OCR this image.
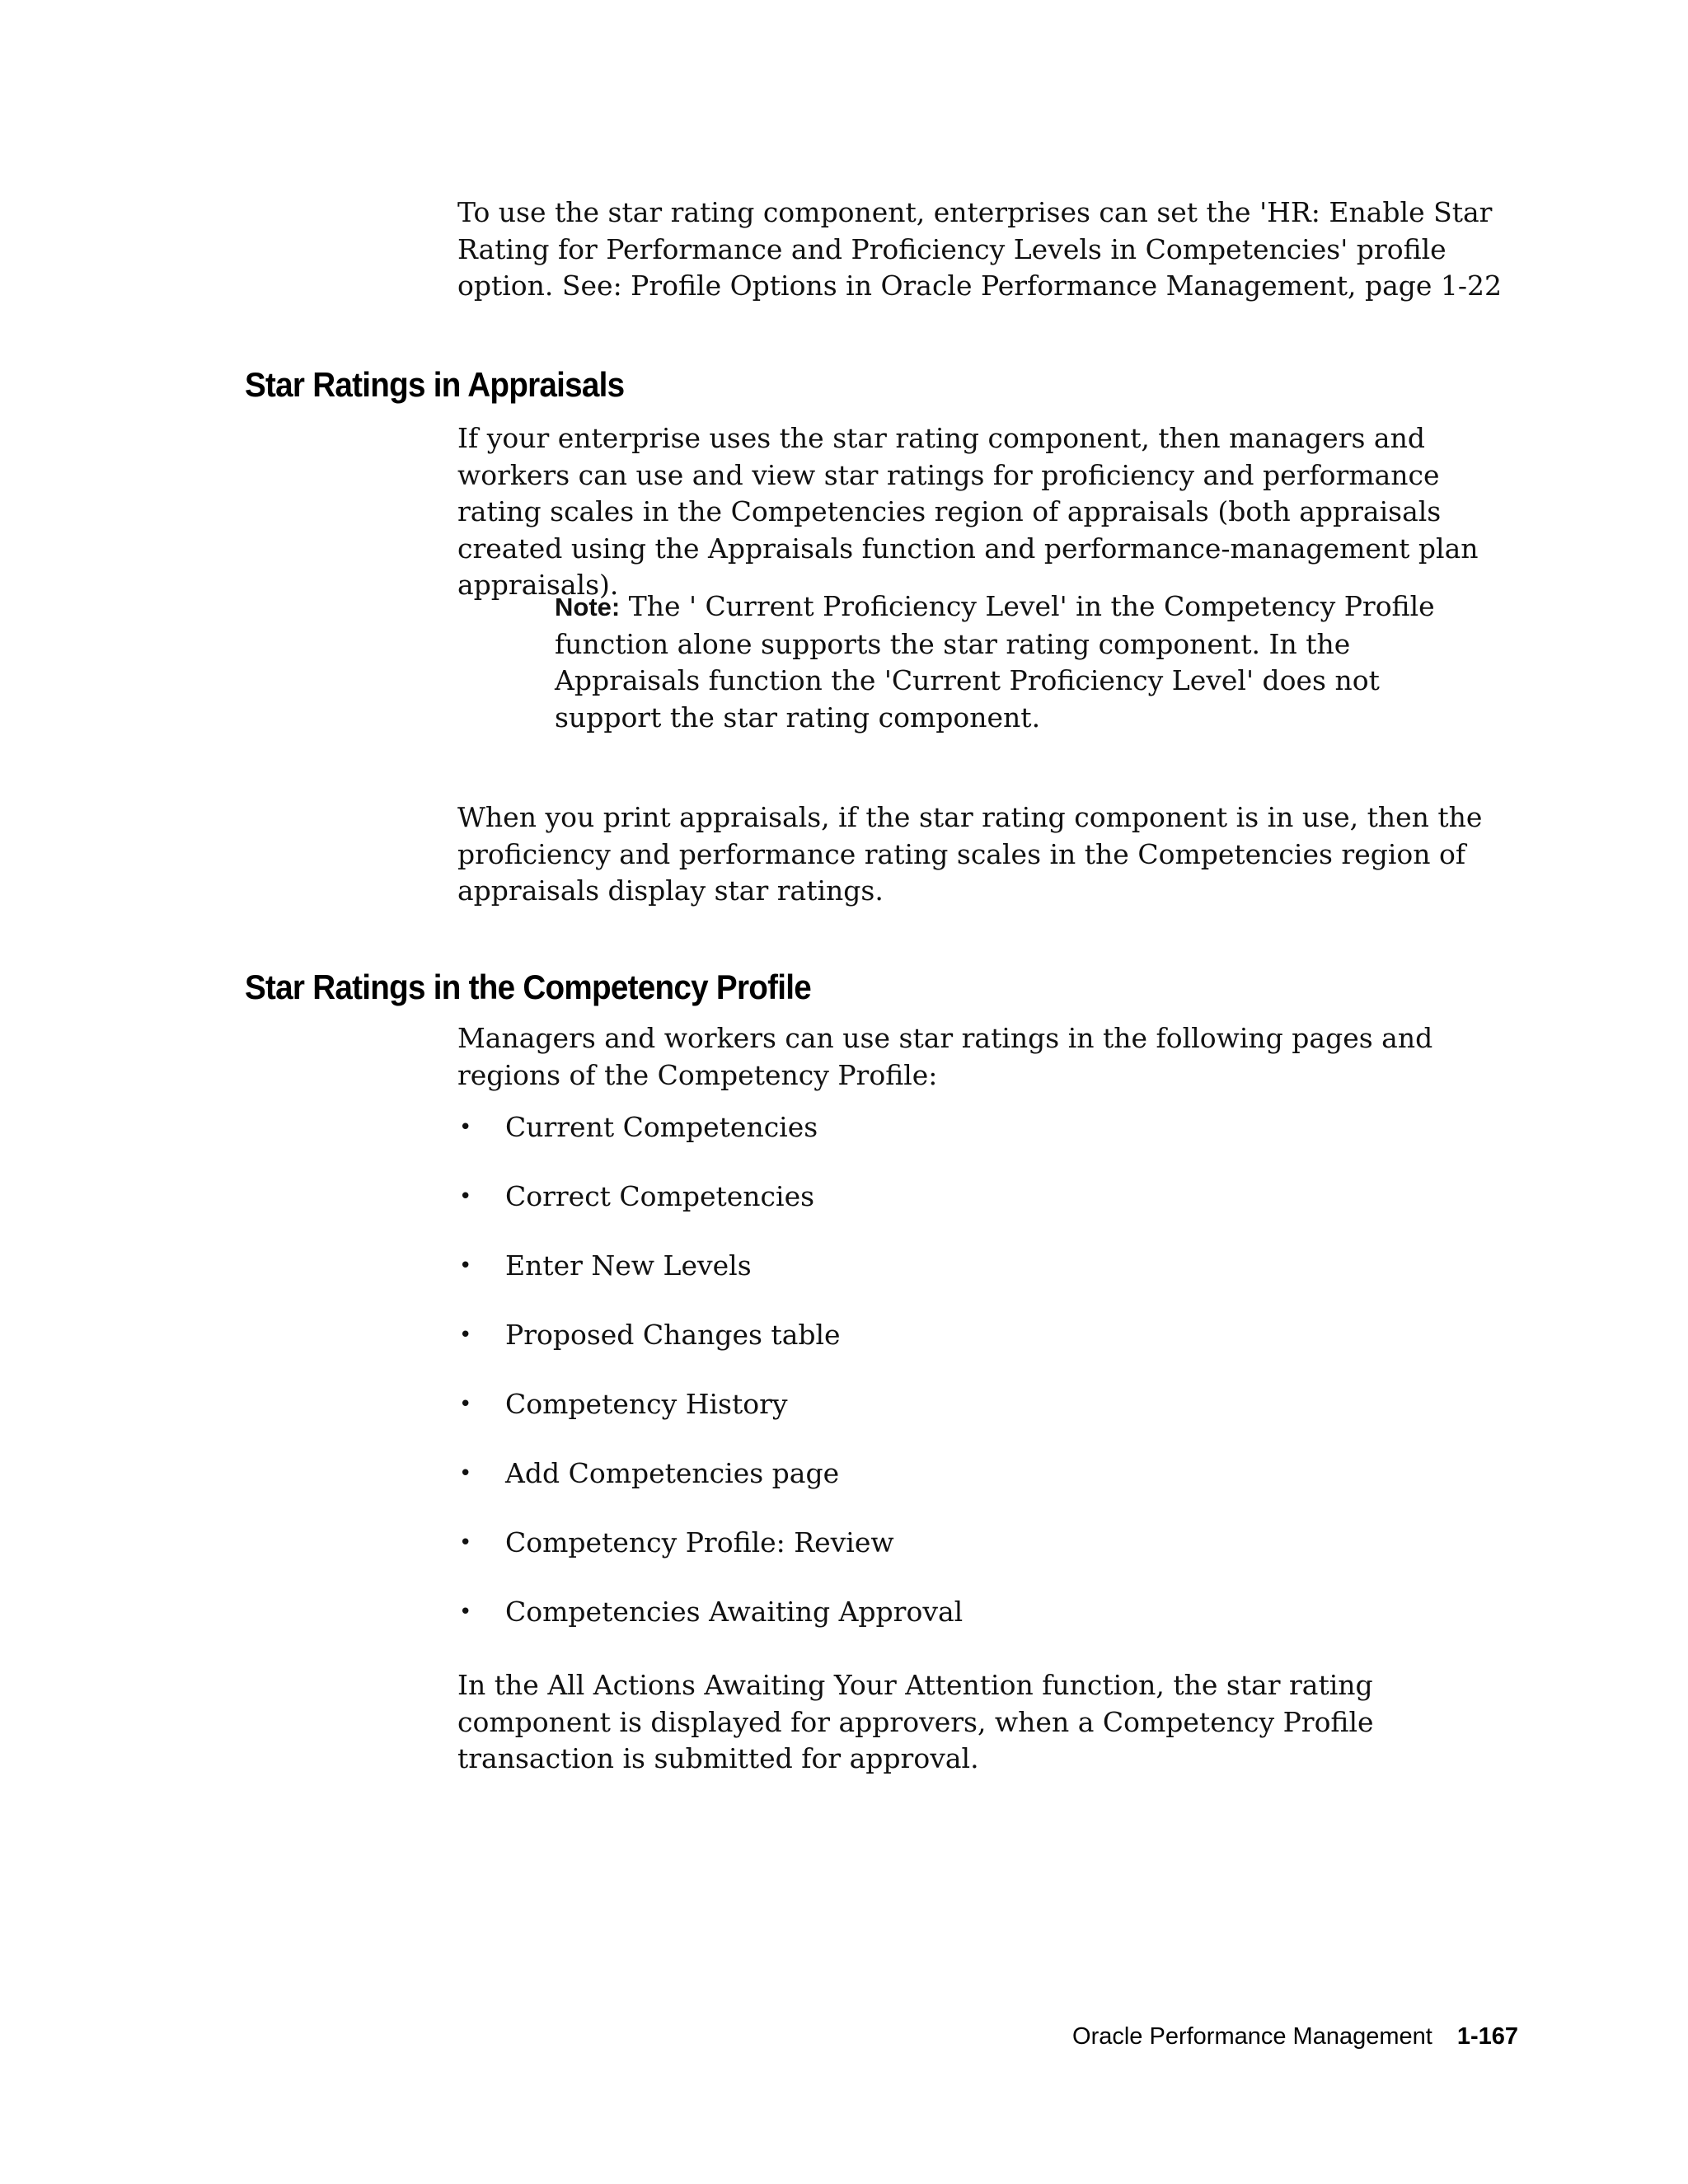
To use the star rating component, enterprises can set the 'HR: Enable Star Rating for Performance and Proficiency Levels in Competencies' profile option. See: Profile Options in Oracle Performance Management, page 1-22

Star Ratings in Appraisals

If your enterprise uses the star rating component, then managers and workers can use and view star ratings for proficiency and performance rating scales in the Competencies region of appraisals (both appraisals created using the Appraisals function and performance-management plan appraisals).

Note: The ' Current Proficiency Level' in the Competency Profile function alone supports the star rating component. In the Appraisals function the 'Current Proficiency Level' does not support the star rating component.

When you print appraisals, if the star rating component is in use, then the proficiency and performance rating scales in the Competencies region of appraisals display star ratings.

Star Ratings in the Competency Profile

Managers and workers can use star ratings in the following pages and regions of the Competency Profile:

• Current Competencies
• Correct Competencies
• Enter New Levels
• Proposed Changes table
• Competency History
• Add Competencies page
• Competency Profile: Review
• Competencies Awaiting Approval

In the All Actions Awaiting Your Attention function, the star rating component is displayed for approvers, when a Competency Profile transaction is submitted for approval.

Oracle Performance Management 1-167
